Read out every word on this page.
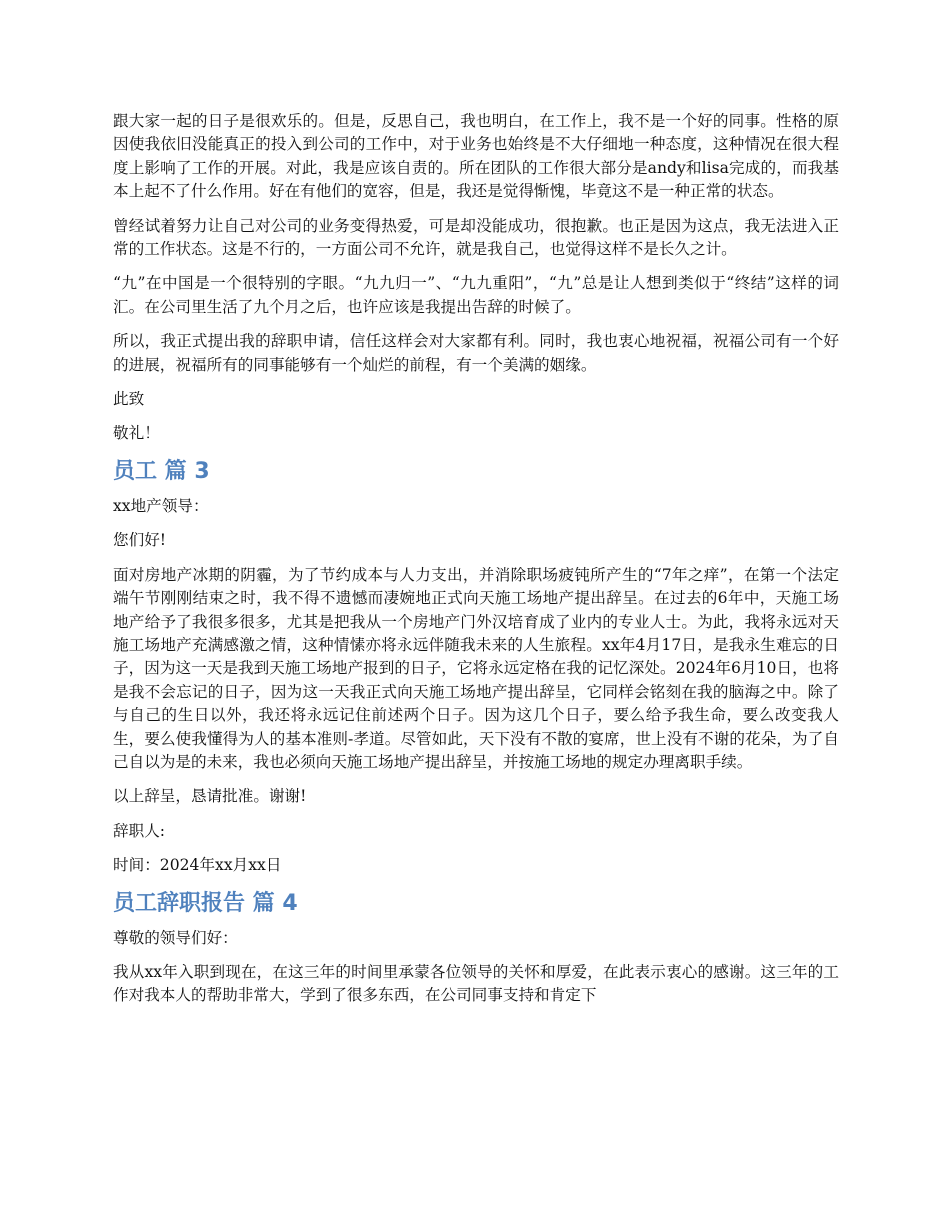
跟大家一起的日子是很欢乐的。但是，反思自己，我也明白，在工作上，我不是一个好的同事。性格的原因使我依旧没能真正的投入到公司的工作中，对于业务也始终是不大仔细地一种态度，这种情况在很大程度上影响了工作的开展。对此，我是应该自责的。所在团队的工作很大部分是andy和lisa完成的，而我基本上起不了什么作用。好在有他们的宽容，但是，我还是觉得惭愧，毕竟这不是一种正常的状态。

曾经试着努力让自己对公司的业务变得热爱，可是却没能成功，很抱歉。也正是因为这点，我无法进入正常的工作状态。这是不行的，一方面公司不允许，就是我自己，也觉得这样不是长久之计。

“九”在中国是一个很特别的字眼。“九九归一”、“九九重阳”，“九”总是让人想到类似于“终结”这样的词汇。在公司里生活了九个月之后，也许应该是我提出告辞的时候了。

所以，我正式提出我的辞职申请，信任这样会对大家都有利。同时，我也衷心地祝福，祝福公司有一个好的进展，祝福所有的同事能够有一个灿烂的前程，有一个美满的姻缘。

此致

敬礼！

员工 篇 3

xx地产领导：

您们好!

面对房地产冰期的阴霾，为了节约成本与人力支出，并消除职场疲钝所产生的“7年之痒”，在第一个法定端午节刚刚结束之时，我不得不遗憾而凄婉地正式向天施工场地产提出辞呈。在过去的6年中，天施工场地产给予了我很多很多，尤其是把我从一个房地产门外汉培育成了业内的专业人士。为此，我将永远对天施工场地产充满感激之情，这种情愫亦将永远伴随我未来的人生旅程。xx年4月17日，是我永生难忘的日子，因为这一天是我到天施工场地产报到的日子，它将永远定格在我的记忆深处。2024年6月10日，也将是我不会忘记的日子，因为这一天我正式向天施工场地产提出辞呈，它同样会铭刻在我的脑海之中。除了与自己的生日以外，我还将永远记住前述两个日子。因为这几个日子，要么给予我生命，要么改变我人生，要么使我懂得为人的基本准则-孝道。尽管如此，天下没有不散的宴席，世上没有不谢的花朵，为了自己自以为是的未来，我也必须向天施工场地产提出辞呈，并按施工场地的规定办理离职手续。

以上辞呈，恳请批准。谢谢!

辞职人:

时间：2024年xx月xx日

员工辞职报告 篇 4

尊敬的领导们好：

我从xx年入职到现在，在这三年的时间里承蒙各位领导的关怀和厚爱，在此表示衷心的感谢。这三年的工作对我本人的帮助非常大，学到了很多东西，在公司同事支持和肯定下
